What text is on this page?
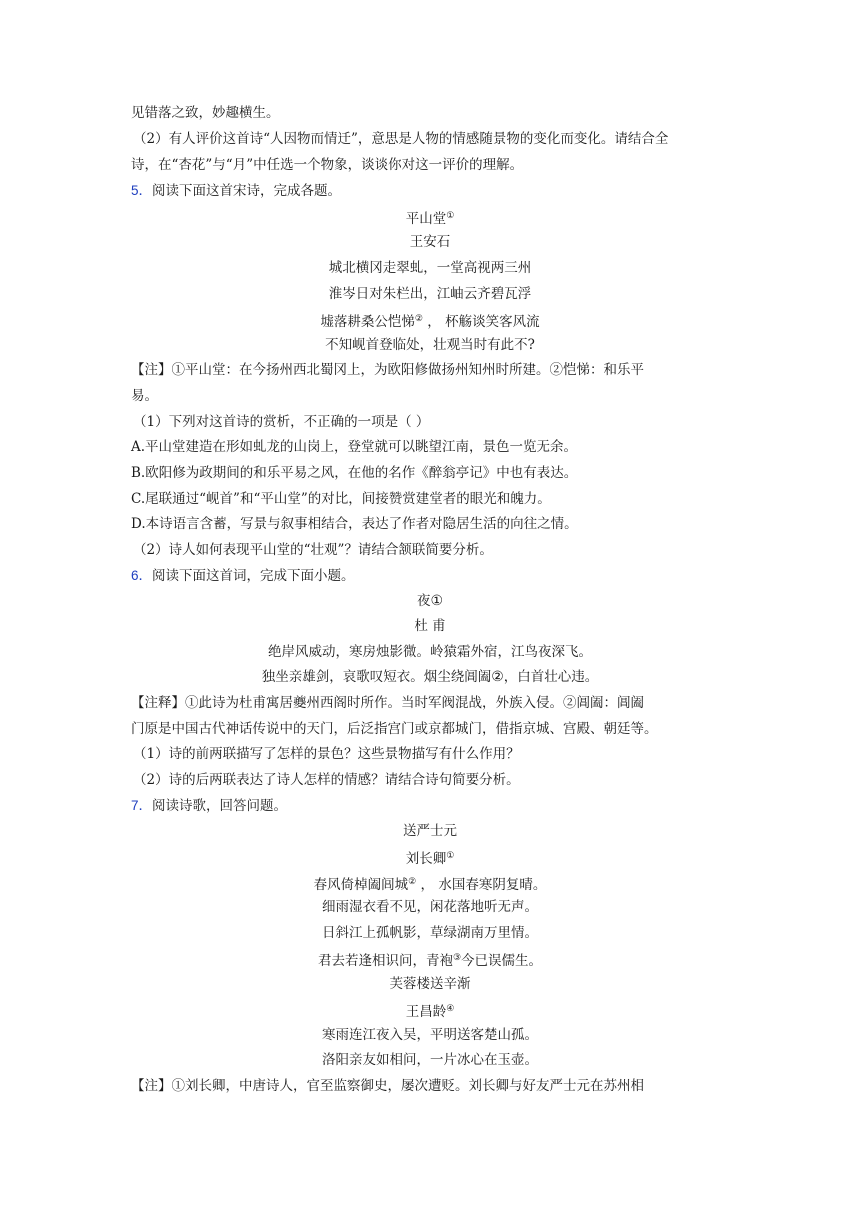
见错落之致，妙趣横生。
（2）有人评价这首诗“人因物而情迁”，意思是人物的情感随景物的变化而变化。请结合全
诗，在“杏花”与“月”中任选一个物象，谈谈你对这一评价的理解。
5．阅读下面这首宋诗，完成各题。
平山堂①
王安石
城北横冈走翠虬，一堂高视两三州
淮岑日对朱栏出，江岫云齐碧瓦浮
墟落耕桑公恺悌② ， 杯觞谈笑客风流
不知岘首登临处，壮观当时有此不?
【注】①平山堂：在今扬州西北蜀冈上，为欧阳修做扬州知州时所建。②恺悌：和乐平
易。
（1）下列对这首诗的赏析，不正确的一项是（ ）
A.平山堂建造在形如虬龙的山岗上，登堂就可以眺望江南，景色一览无余。
B.欧阳修为政期间的和乐平易之风，在他的名作《醉翁亭记》中也有表达。
C.尾联通过“岘首”和“平山堂”的对比，间接赞赏建堂者的眼光和魄力。
D.本诗语言含蓄，写景与叙事相结合，表达了作者对隐居生活的向往之情。
（2）诗人如何表现平山堂的“壮观”？请结合颔联简要分析。
6．阅读下面这首词，完成下面小题。
夜①
杜 甫
绝岸风威动，寒房烛影微。岭猿霜外宿，江鸟夜深飞。
独坐亲雄剑，哀歌叹短衣。烟尘绕阊阖②，白首壮心违。
【注释】①此诗为杜甫寓居夔州西阁时所作。当时军阀混战，外族入侵。②阊阖：阊阖
门原是中国古代神话传说中的天门，后泛指宫门或京都城门，借指京城、宫殿、朝廷等。
（1）诗的前两联描写了怎样的景色？这些景物描写有什么作用？
（2）诗的后两联表达了诗人怎样的情感？请结合诗句简要分析。
7．阅读诗歌，回答问题。
送严士元
刘长卿①
春风倚棹阖闾城② ， 水国春寒阴复晴。
细雨湿衣看不见，闲花落地听无声。
日斜江上孤帆影，草绿湖南万里情。
君去若逢相识问，青袍③今已误儒生。
芙蓉楼送辛渐
王昌龄④
寒雨连江夜入吴，平明送客楚山孤。
洛阳亲友如相问，一片冰心在玉壶。
【注】①刘长卿，中唐诗人，官至监察御史，屡次遭贬。刘长卿与好友严士元在苏州相
